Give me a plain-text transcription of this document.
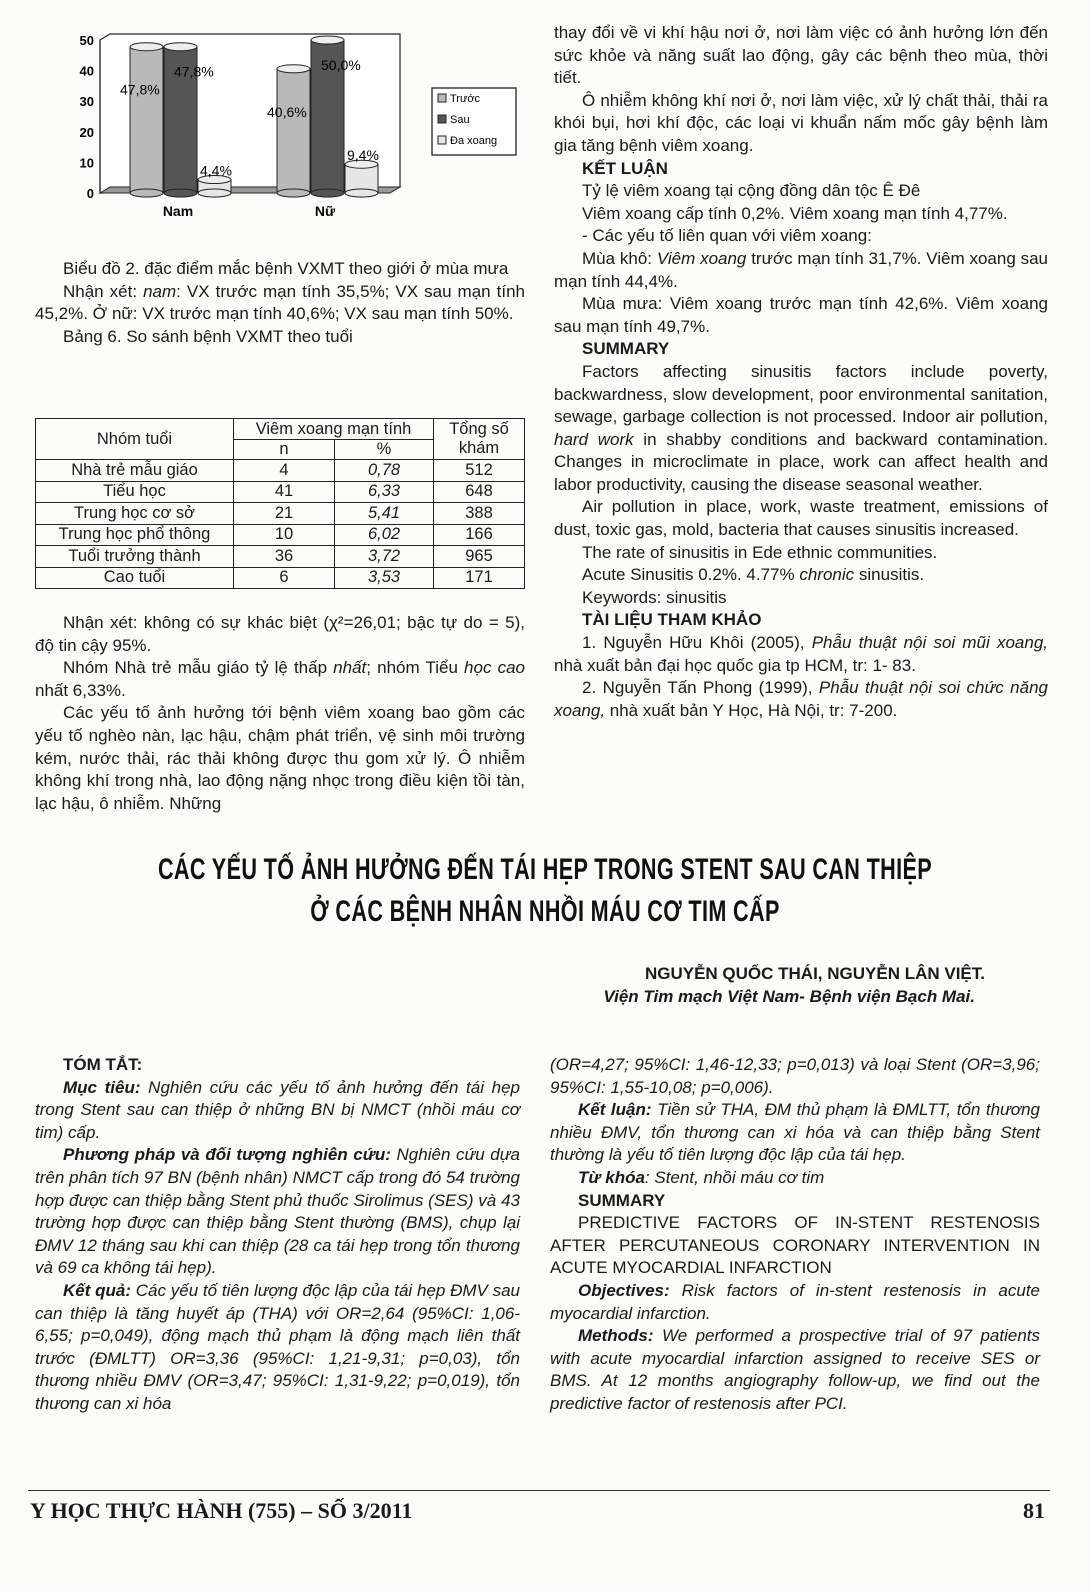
0
10
20
30
40
50
47,8%
47,8%
4,4%
Nam
40,6%
50,0%
9,4%
Nữ
Trước
Sau
Đa xoang

Biểu đồ 2. đặc điểm mắc bệnh VXMT theo giới ở mùa mưa

Nhận xét: nam: VX trước mạn tính 35,5%; VX sau mạn tính 45,2%. Ở nữ: VX trước mạn tính 40,6%; VX sau mạn tính 50%.

Bảng 6. So sánh bệnh VXMT theo tuổi

Nhóm tuổi	Viêm xoang mạn tính		Tổng số khám
	n	%	
Nhà trẻ mẫu giáo	4	0,78	512
Tiểu học	41	6,33	648
Trung học cơ sở	21	5,41	388
Trung học phổ thông	10	6,02	166
Tuổi trưởng thành	36	3,72	965
Cao tuổi	6	3,53	171

Nhận xét: không có sự khác biệt (χ²=26,01; bậc tự do = 5), độ tin cậy 95%.

Nhóm Nhà trẻ mẫu giáo tỷ lệ thấp nhất; nhóm Tiểu học cao nhất 6,33%.

Các yếu tố ảnh hưởng tới bệnh viêm xoang bao gồm các yếu tố nghèo nàn, lạc hậu, chậm phát triển, vệ sinh môi trường kém, nước thải, rác thải không được thu gom xử lý. Ô nhiễm không khí trong nhà, lao động nặng nhọc trong điều kiện tồi tàn, lạc hậu, ô nhiễm. Những

thay đổi về vi khí hậu nơi ở, nơi làm việc có ảnh hưởng lớn đến sức khỏe và năng suất lao động, gây các bệnh theo mùa, thời tiết.

Ô nhiễm không khí nơi ở, nơi làm việc, xử lý chất thải, thải ra khói bụi, hơi khí độc, các loại vi khuẩn nấm mốc gây bệnh làm gia tăng bệnh viêm xoang.

KẾT LUẬN

Tỷ lệ viêm xoang tại cộng đồng dân tộc Ê Đê

Viêm xoang cấp tính 0,2%. Viêm xoang mạn tính 4,77%.

- Các yếu tố liên quan với viêm xoang:

Mùa khô: Viêm xoang trước mạn tính 31,7%. Viêm xoang sau mạn tính 44,4%.

Mùa mưa: Viêm xoang trước mạn tính 42,6%. Viêm xoang sau mạn tính 49,7%.

SUMMARY

Factors affecting sinusitis factors include poverty, backwardness, slow development, poor environmental sanitation, sewage, garbage collection is not processed. Indoor air pollution, hard work in shabby conditions and backward contamination. Changes in microclimate in place, work can affect health and labor productivity, causing the disease seasonal weather.

Air pollution in place, work, waste treatment, emissions of dust, toxic gas, mold, bacteria that causes sinusitis increased.

The rate of sinusitis in Ede ethnic communities.

Acute Sinusitis 0.2%. 4.77% chronic sinusitis.

Keywords: sinusitis

TÀI LIỆU THAM KHẢO

1. Nguyễn Hữu Khôi (2005), Phẫu thuật nội soi mũi xoang, nhà xuất bản đại học quốc gia tp HCM, tr: 1- 83.

2. Nguyễn Tấn Phong (1999), Phẫu thuật nội soi chức năng xoang, nhà xuất bản Y Học, Hà Nội, tr: 7-200.

CÁC YẾU TỐ ẢNH HƯỞNG ĐẾN TÁI HẸP TRONG STENT SAU CAN THIỆP
Ở CÁC BỆNH NHÂN NHỒI MÁU CƠ TIM CẤP
NGUYỄN QUỐC THÁI, NGUYỄN LÂN VIỆT.
Viện Tim mạch Việt Nam- Bệnh viện Bạch Mai.

TÓM TẮT:

Mục tiêu: Nghiên cứu các yếu tố ảnh hưởng đến tái hẹp trong Stent sau can thiệp ở những BN bị NMCT (nhồi máu cơ tim) cấp.

Phương pháp và đối tượng nghiên cứu: Nghiên cứu dựa trên phân tích 97 BN (bệnh nhân) NMCT cấp trong đó 54 trường hợp được can thiệp bằng Stent phủ thuốc Sirolimus (SES) và 43 trường hợp được can thiệp bằng Stent thường (BMS), chụp lại ĐMV 12 tháng sau khi can thiệp (28 ca tái hẹp trong tổn thương và 69 ca không tái hẹp).

Kết quả: Các yếu tố tiên lượng độc lập của tái hẹp ĐMV sau can thiệp là tăng huyết áp (THA) với OR=2,64 (95%CI: 1,06-6,55; p=0,049), động mạch thủ phạm là động mạch liên thất trước (ĐMLTT) OR=3,36 (95%CI: 1,21-9,31; p=0,03), tổn thương nhiều ĐMV (OR=3,47; 95%CI: 1,31-9,22; p=0,019), tổn thương can xi hóa

(OR=4,27; 95%CI: 1,46-12,33; p=0,013) và loại Stent (OR=3,96; 95%CI: 1,55-10,08; p=0,006).

Kết luận: Tiền sử THA, ĐM thủ phạm là ĐMLTT, tổn thương nhiều ĐMV, tổn thương can xi hóa và can thiệp bằng Stent thường là yếu tố tiên lượng độc lập của tái hẹp.

Từ khóa: Stent, nhồi máu cơ tim

SUMMARY

PREDICTIVE FACTORS OF IN-STENT RESTENOSIS AFTER PERCUTANEOUS CORONARY INTERVENTION IN ACUTE MYOCARDIAL INFARCTION

Objectives: Risk factors of in-stent restenosis in acute myocardial infarction.

Methods: We performed a prospective trial of 97 patients with acute myocardial infarction assigned to receive SES or BMS. At 12 months angiography follow-up, we find out the predictive factor of restenosis after PCI.

Y HỌC THỰC HÀNH (755) – SỐ 3/2011	81
